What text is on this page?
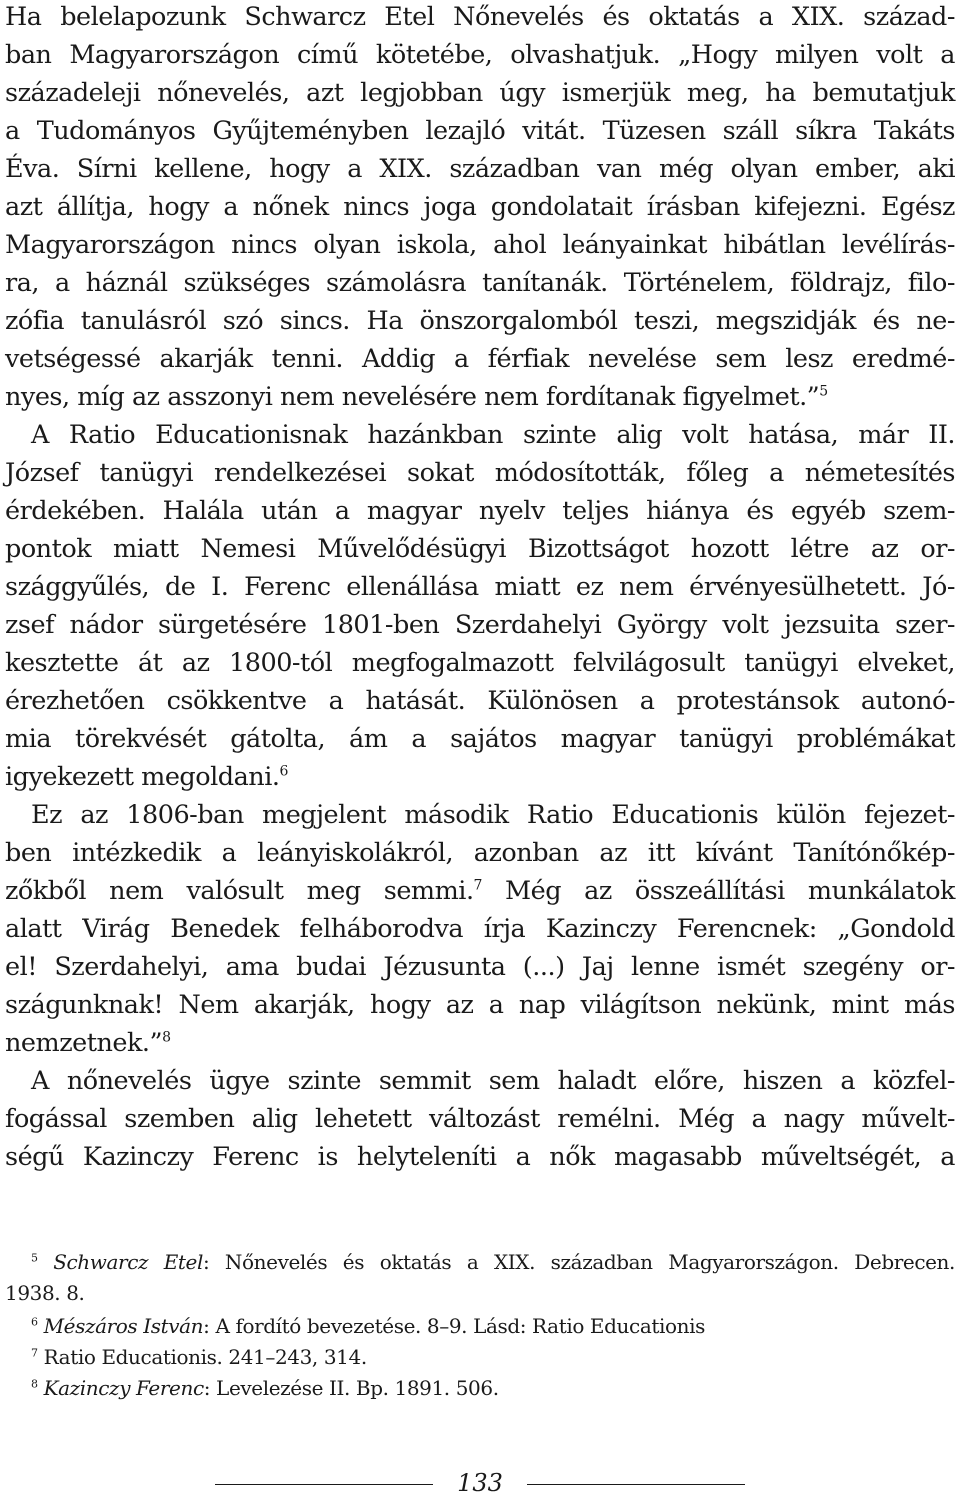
Ha belelapozunk Schwarcz Etel Nőnevelés és oktatás a XIX. század-
ban Magyarországon című kötetébe, olvashatjuk. „Hogy milyen volt a
századeleji nőnevelés, azt legjobban úgy ismerjük meg, ha bemutatjuk
a Tudományos Gyűjteményben lezajló vitát. Tüzesen száll síkra Takáts
Éva. Sírni kellene, hogy a XIX. században van még olyan ember, aki
azt állítja, hogy a nőnek nincs joga gondolatait írásban kifejezni. Egész
Magyarországon nincs olyan iskola, ahol leányainkat hibátlan levélírás-
ra, a háznál szükséges számolásra tanítanák. Történelem, földrajz, filo-
zófia tanulásról szó sincs. Ha önszorgalomból teszi, megszidják és ne-
vetségessé akarják tenni. Addig a férfiak nevelése sem lesz eredmé-
nyes, míg az asszonyi nem nevelésére nem fordítanak figyelmet.”$^5$
A Ratio Educationisnak hazánkban szinte alig volt hatása, már II.
József tanügyi rendelkezései sokat módosították, főleg a németesítés
érdekében. Halála után a magyar nyelv teljes hiánya és egyéb szem-
pontok miatt Nemesi Művelődésügyi Bizottságot hozott létre az or-
szággyűlés, de I. Ferenc ellenállása miatt ez nem érvényesülhetett. Jó-
zsef nádor sürgetésére 1801-ben Szerdahelyi György volt jezsuita szer-
kesztette át az 1800-tól megfogalmazott felvilágosult tanügyi elveket,
érezhetően csökkentve a hatását. Különösen a protestánsok autonó-
mia törekvését gátolta, ám a sajátos magyar tanügyi problémákat
igyekezett megoldani.$^6$
Ez az 1806-ban megjelent második Ratio Educationis külön fejezet-
ben intézkedik a leányiskolákról, azonban az itt kívánt Tanítónőkép-
zőkből nem valósult meg semmi.$^7$ Még az összeállítási munkálatok
alatt Virág Benedek felháborodva írja Kazinczy Ferencnek: „Gondold
el! Szerdahelyi, ama budai Jézusunta (...) Jaj lenne ismét szegény or-
szágunknak! Nem akarják, hogy az a nap világítson nekünk, mint más
nemzetnek.”$^8$
A nőnevelés ügye szinte semmit sem haladt előre, hiszen a közfel-
fogással szemben alig lehetett változást remélni. Még a nagy művelt-
ségű Kazinczy Ferenc is helyteleníti a nők magasabb műveltségét, a
$^5$ Schwarcz Etel: Nőnevelés és oktatás a XIX. században Magyarországon. Debrecen.
1938. 8.
$^6$ Mészáros István: A fordító bevezetése. 8–9. Lásd: Ratio Educationis
$^7$ Ratio Educationis. 241–243, 314.
$^8$ Kazinczy Ferenc: Levelezése II. Bp. 1891. 506.
133
